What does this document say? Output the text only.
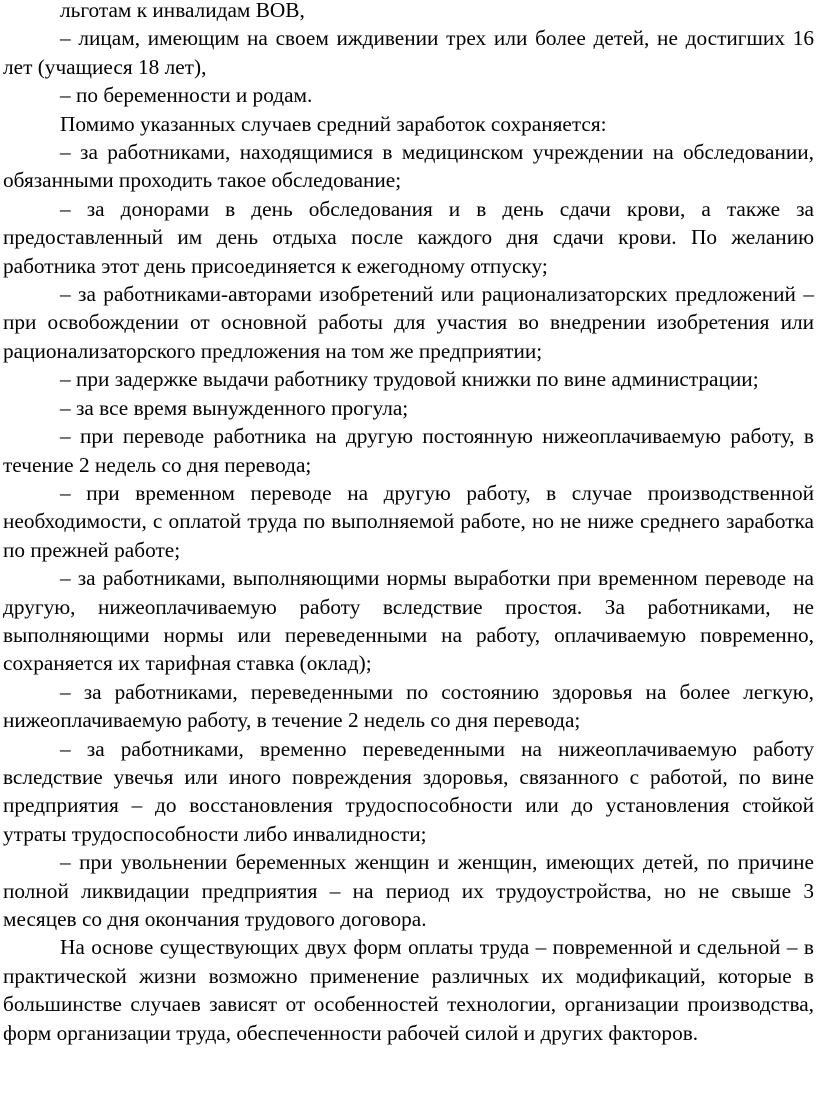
льготам к инвалидам ВОВ,

– лицам, имеющим на своем иждивении трех или более детей, не достигших 16 лет (учащиеся 18 лет),

– по беременности и родам.

Помимо указанных случаев средний заработок сохраняется:

– за работниками, находящимися в медицинском учреждении на обследовании, обязанными проходить такое обследование;

– за донорами в день обследования и в день сдачи крови, а также за предоставленный им день отдыха после каждого дня сдачи крови. По желанию работника этот день присоединяется к ежегодному отпуску;

– за работниками-авторами изобретений или рационализаторских предложений – при освобождении от основной работы для участия во внедрении изобретения или рационализаторского предложения на том же предприятии;

– при задержке выдачи работнику трудовой книжки по вине администрации;

– за все время вынужденного прогула;

– при переводе работника на другую постоянную нижеоплачиваемую работу, в течение 2 недель со дня перевода;

– при временном переводе на другую работу, в случае производственной необходимости, с оплатой труда по выполняемой работе, но не ниже среднего заработка по прежней работе;

– за работниками, выполняющими нормы выработки при временном переводе на другую, нижеоплачиваемую работу вследствие простоя. За работниками, не выполняющими нормы или переведенными на работу, оплачиваемую повременно, сохраняется их тарифная ставка (оклад);

– за работниками, переведенными по состоянию здоровья на более легкую, нижеоплачиваемую работу, в течение 2 недель со дня перевода;

– за работниками, временно переведенными на нижеоплачиваемую работу вследствие увечья или иного повреждения здоровья, связанного с работой, по вине предприятия – до восстановления трудоспособности или до установления стойкой утраты трудоспособности либо инвалидности;

– при увольнении беременных женщин и женщин, имеющих детей, по причине полной ликвидации предприятия – на период их трудоустройства, но не свыше 3 месяцев со дня окончания трудового договора.

На основе существующих двух форм оплаты труда – повременной и сдельной – в практической жизни возможно применение различных их модификаций, которые в большинстве случаев зависят от особенностей технологии, организации производства, форм организации труда, обеспеченности рабочей силой и других факторов.
